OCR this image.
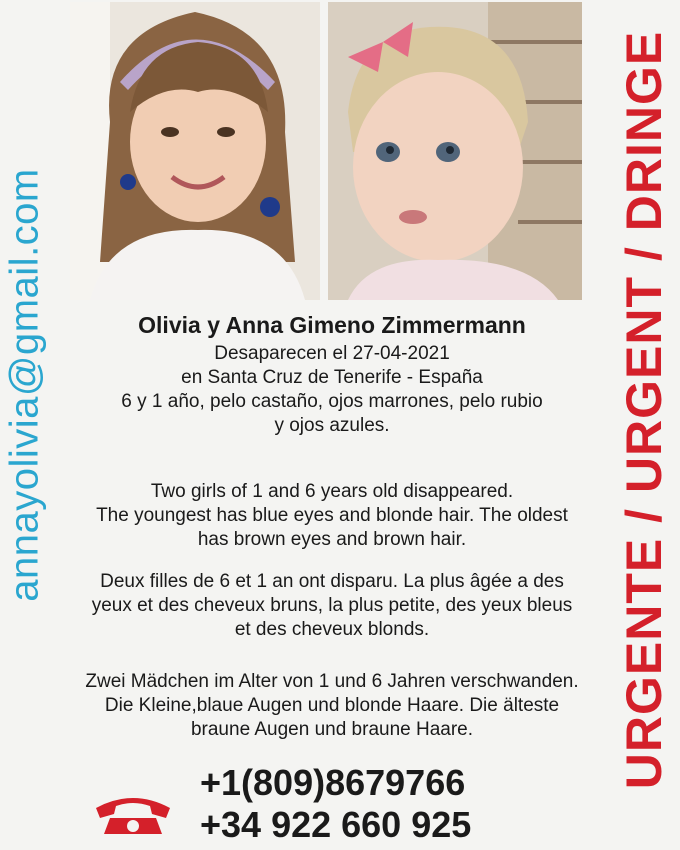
annayolivia@gmail.com	URGENTE / URGENT / DRINGE
Olivia y Anna Gimeno Zimmermann
Desaparecen el 27-04-2021
en Santa Cruz de Tenerife - España
6 y 1 año, pelo castaño, ojos marrones, pelo rubio
y ojos azules.
Two girls of 1 and 6 years old disappeared.
The youngest has blue eyes and blonde hair. The oldest
has brown eyes and brown hair.
Deux filles de 6 et 1 an ont disparu. La plus âgée a des
yeux et des cheveux bruns, la plus petite, des yeux bleus
et des cheveux blonds.
Zwei Mädchen im Alter von 1 und 6 Jahren verschwanden.
Die Kleine,blaue Augen und blonde Haare. Die älteste
braune Augen und braune Haare.
+1(809)8679766
+34 922 660 925
